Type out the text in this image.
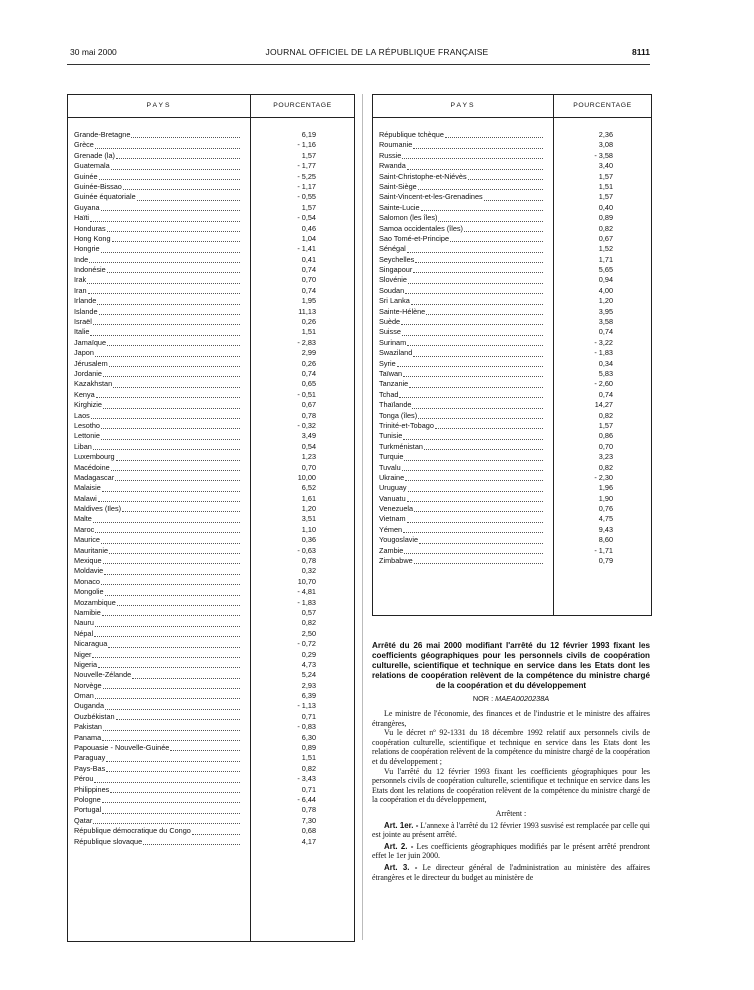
30 mai 2000	JOURNAL OFFICIEL DE LA RÉPUBLIQUE FRANÇAISE	8111
PAYS	POURCENTAGE
Grande-Bretagne	6,19
Grèce	- 1,16
Grenade (la)	1,57
Guatemala	- 1,77
Guinée	- 5,25
Guinée-Bissao	- 1,17
Guinée équatoriale	- 0,55
Guyana	1,57
Haïti	- 0,54
Honduras	0,46
Hong Kong	1,04
Hongrie	- 1,41
Inde	0,41
Indonésie	0,74
Irak	0,70
Iran	0,74
Irlande	1,95
Islande	11,13
Israël	0,26
Italie	1,51
Jamaïque	- 2,83
Japon	2,99
Jérusalem	0,26
Jordanie	0,74
Kazakhstan	0,65
Kenya	- 0,51
Kirghizie	0,67
Laos	0,78
Lesotho	- 0,32
Lettonie	3,49
Liban	0,54
Luxembourg	1,23
Macédoine	0,70
Madagascar	10,00
Malaisie	6,52
Malawi	1,61
Maldives (Iles)	1,20
Malte	3,51
Maroc	1,10
Maurice	0,36
Mauritanie	- 0,63
Mexique	0,78
Moldavie	0,32
Monaco	10,70
Mongolie	- 4,81
Mozambique	- 1,83
Namibie	0,57
Nauru	0,82
Népal	2,50
Nicaragua	- 0,72
Niger	0,29
Nigeria	4,73
Nouvelle-Zélande	5,24
Norvège	2,93
Oman	6,39
Ouganda	- 1,13
Ouzbékistan	0,71
Pakistan	- 0,83
Panama	6,30
Papouasie - Nouvelle-Guinée	0,89
Paraguay	1,51
Pays-Bas	0,82
Pérou	- 3,43
Philippines	0,71
Pologne	- 6,44
Portugal	0,78
Qatar	7,30
République démocratique du Congo	0,68
République slovaque	4,17
PAYS	POURCENTAGE
République tchèque	2,36
Roumanie	3,08
Russie	- 3,58
Rwanda	3,40
Saint-Christophe-et-Niévès	1,57
Saint-Siège	1,51
Saint-Vincent-et-les-Grenadines	1,57
Sainte-Lucie	0,40
Salomon (les îles)	0,89
Samoa occidentales (îles)	0,82
Sao Tomé-et-Principe	0,67
Sénégal	1,52
Seychelles	1,71
Singapour	5,65
Slovénie	0,94
Soudan	4,00
Sri Lanka	1,20
Sainte-Hélène	3,95
Suède	3,58
Suisse	0,74
Surinam	- 3,22
Swaziland	- 1,83
Syrie	0,34
Taïwan	5,83
Tanzanie	- 2,60
Tchad	0,74
Thaïlande	14,27
Tonga (îles)	0,82
Trinité-et-Tobago	1,57
Tunisie	0,86
Turkménistan	0,70
Turquie	3,23
Tuvalu	0,82
Ukraine	- 2,30
Uruguay	1,96
Vanuatu	1,90
Venezuela	0,76
Vietnam	4,75
Yémen	9,43
Yougoslavie	8,60
Zambie	- 1,71
Zimbabwe	0,79
Arrêté du 26 mai 2000 modifiant l'arrêté du 12 février 1993 fixant les coefficients géographiques pour les personnels civils de coopération culturelle, scientifique et technique en service dans les Etats dont les relations de coopération relèvent de la compétence du ministre chargé de la coopération et du développement
NOR : MAEA0020238A

Le ministre de l'économie, des finances et de l'industrie et le ministre des affaires étrangères,

Vu le décret nº 92-1331 du 18 décembre 1992 relatif aux personnels civils de coopération culturelle, scientifique et technique en service dans les Etats dont les relations de coopération relèvent de la compétence du ministre chargé de la coopération et du développement ;

Vu l'arrêté du 12 février 1993 fixant les coefficients géographiques pour les personnels civils de coopération culturelle, scientifique et technique en service dans les Etats dont les relations de coopération relèvent de la compétence du ministre chargé de la coopération et du développement,

Arrêtent :

Art. 1er. - L'annexe à l'arrêté du 12 février 1993 susvisé est remplacée par celle qui est jointe au présent arrêté.

Art. 2. - Les coefficients géographiques modifiés par le présent arrêté prendront effet le 1er juin 2000.

Art. 3. - Le directeur général de l'administration au ministère des affaires étrangères et le directeur du budget au ministère de
